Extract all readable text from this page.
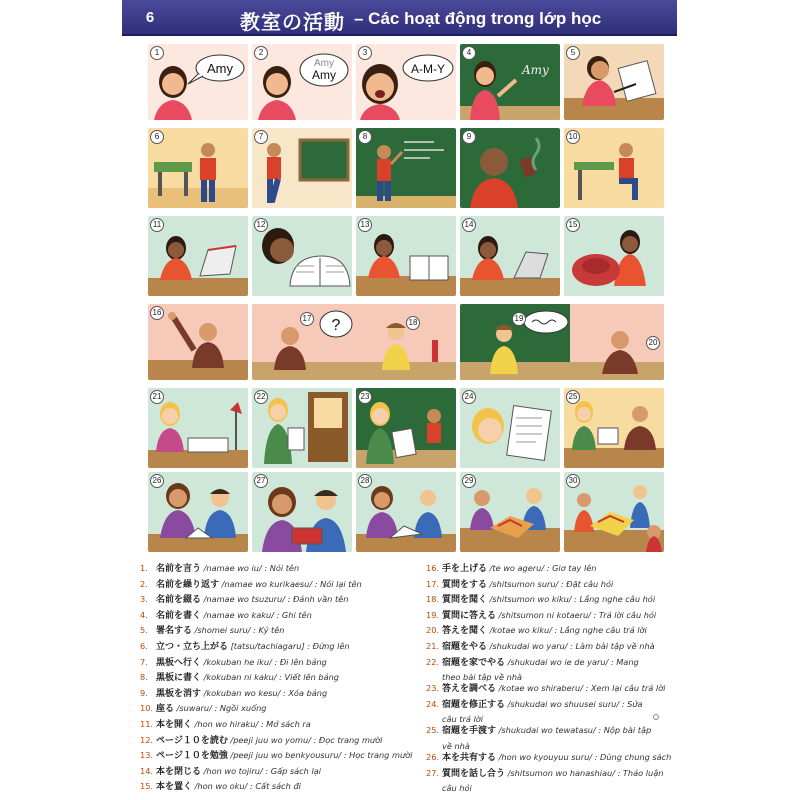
6	教室の活動 – Các hoạt động trong lớp học
1
Amy
2
Amy
Amy
3
A-M-Y
4
Amy
5
6	7	8	9	10
11	12	13	14	15
16
?
17	18	19
20
21	22	23	24	25
26	27	28	29	30
1. 名前を言う /namae wo iu/ : Nói tên
2. 名前を繰り返す /namae wo kurikaesu/ : Nói lại tên
3. 名前を綴る /namae wo tsuzuru/ : Đánh vần tên
4. 名前を書く /namae wo kaku/ : Ghi tên
5. 署名する /shomei suru/ : Ký tên
6. 立つ・立ち上がる [tatsu/tachiagaru] : Đứng lên
7. 黒板へ行く /kokuban he iku/ : Đi lên bảng
8. 黒板に書く /kokuban ni kaku/ : Viết lên bảng
9. 黒板を消す /kokuban wo kesu/ : Xóa bảng
10. 座る /suwaru/ : Ngồi xuống
11. 本を開く /hon wo hiraku/ : Mở sách ra
12. ページ１０を読む /peeji juu wo yomu/ : Đọc trang mười
13. ページ１０を勉強 /peeji juu wo benkyousuru/ : Học trang mười
14. 本を閉じる /hon wo tojiru/ : Gấp sách lại
15. 本を置く /hon wo oku/ : Cất sách đi
16. 手を上げる /te wo ageru/ : Giơ tay lên
17. 質問をする /shitsumon suru/ : Đặt câu hỏi
18. 質問を聞く /shitsumon wo kiku/ : Lắng nghe câu hỏi
19. 質問に答える /shitsumon ni kotaeru/ : Trả lời câu hỏi
20. 答えを聞く /kotae wo kiku/ : Lắng nghe câu trả lời
21. 宿題をやる /shukudai wo yaru/ : Làm bài tập về nhà
22. 宿題を家でやる /shukudai wo ie de yaru/ : Mang
theo bài tập về nhà
23. 答えを調べる /kotae wo shiraberu/ : Xem lại câu trả lời
24. 宿題を修正する /shukudai wo shuusei suru/ : Sửa
câu trả lời
25. 宿題を手渡す /shukudai wo tewatasu/ : Nộp bài tập
về nhà
26. 本を共有する /hon wo kyouyuu suru/ : Dùng chung sách
27. 質問を話し合う /shitsumon wo hanashiau/ : Thảo luận
câu hỏi
